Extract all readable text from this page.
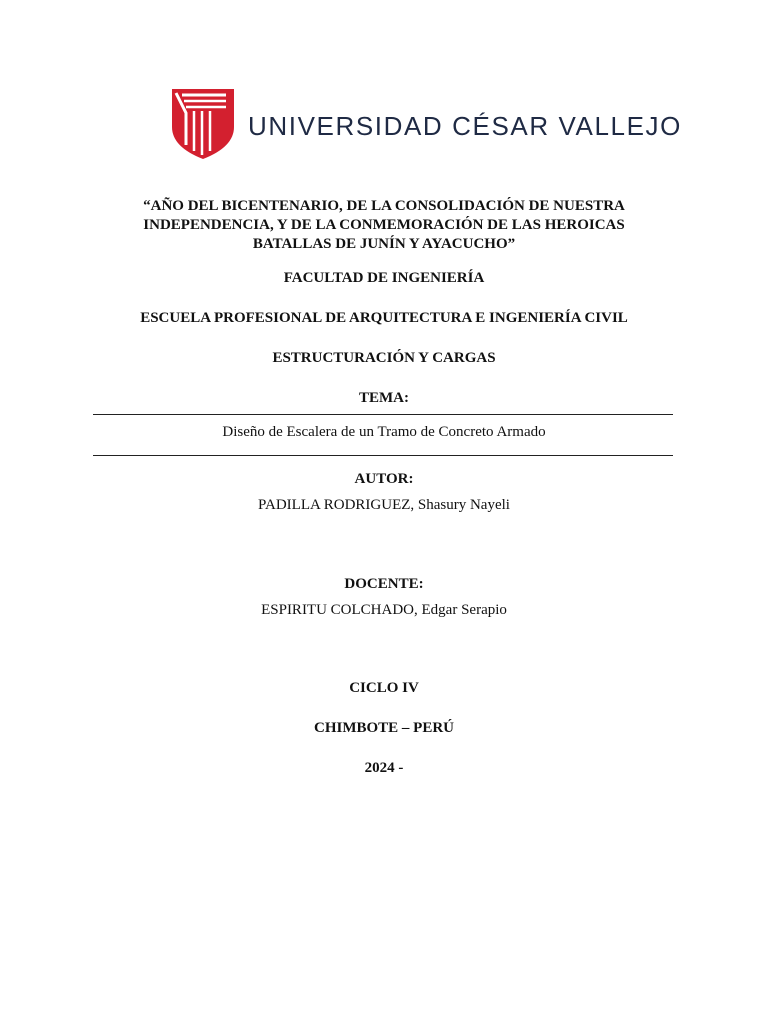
UNIVERSIDAD CÉSAR VALLEJO
“AÑO DEL BICENTENARIO, DE LA CONSOLIDACIÓN DE NUESTRA INDEPENDENCIA, Y DE LA CONMEMORACIÓN DE LAS HEROICAS BATALLAS DE JUNÍN Y AYACUCHO”
FACULTAD DE INGENIERÍA
ESCUELA PROFESIONAL DE ARQUITECTURA E INGENIERÍA CIVIL
ESTRUCTURACIÓN Y CARGAS
TEMA:
Diseño de Escalera de un Tramo de Concreto Armado
AUTOR:
PADILLA RODRIGUEZ, Shasury Nayeli
DOCENTE:
ESPIRITU COLCHADO, Edgar Serapio
CICLO IV
CHIMBOTE – PERÚ
2024 -
